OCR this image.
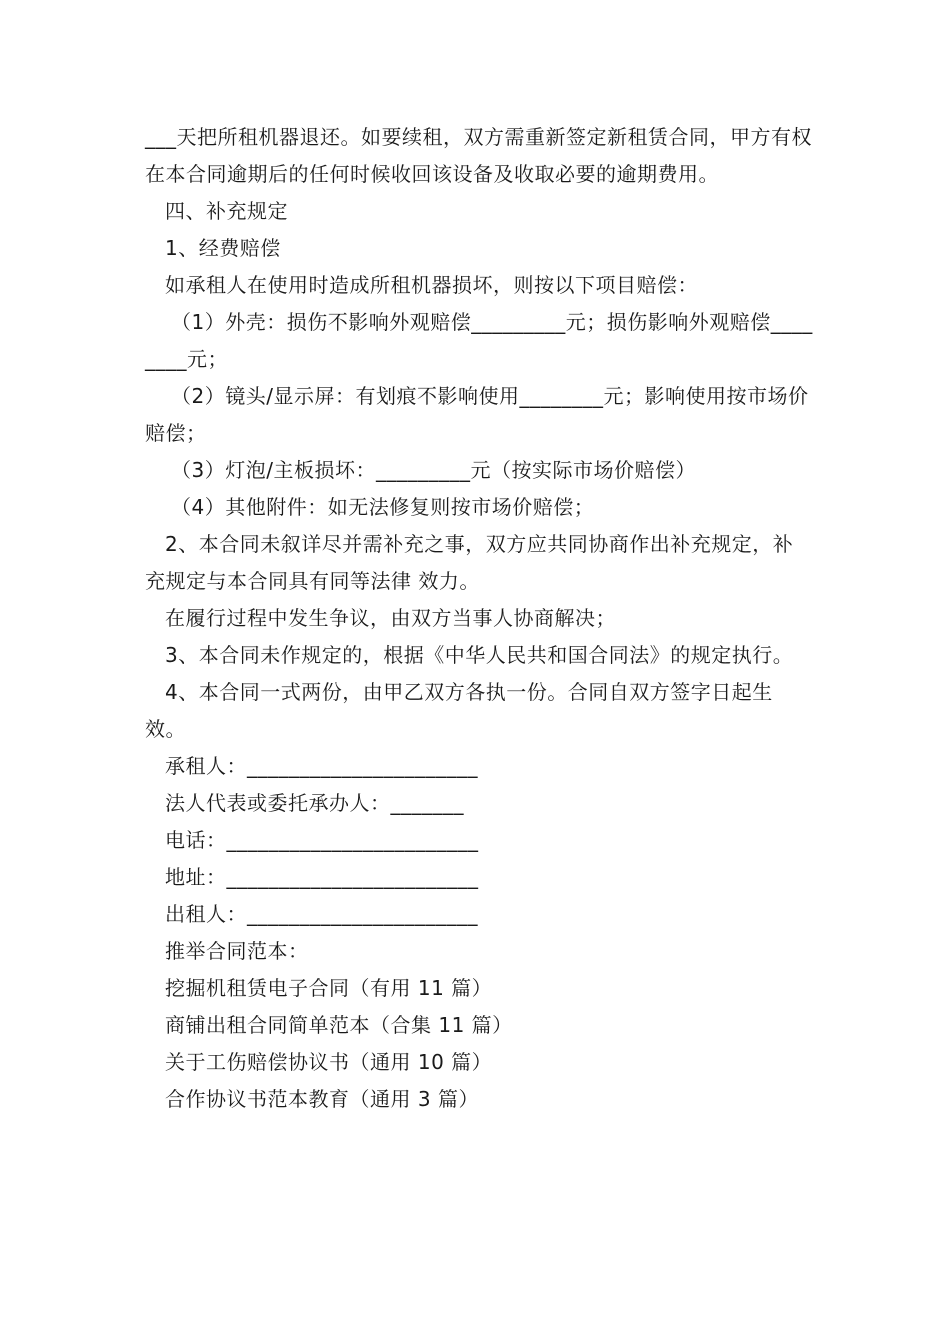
___天把所租机器退还。如要续租，双方需重新签定新租赁合同，甲方有权在本合同逾期后的任何时候收回该设备及收取必要的逾期费用。

四、补充规定

1、经费赔偿

如承租人在使用时造成所租机器损坏，则按以下项目赔偿：

（1）外壳：损伤不影响外观赔偿_________元；损伤影响外观赔偿________元；

（2）镜头/显示屏：有划痕不影响使用________元；影响使用按市场价赔偿；

（3）灯泡/主板损坏：_________元（按实际市场价赔偿）

（4）其他附件：如无法修复则按市场价赔偿；

2、本合同未叙详尽并需补充之事，双方应共同协商作出补充规定，补充规定与本合同具有同等法律 效力。

在履行过程中发生争议，由双方当事人协商解决；

3、本合同未作规定的，根据《中华人民共和国合同法》的规定执行。

4、本合同一式两份，由甲乙双方各执一份。合同自双方签字日起生效。

承租人：______________________

法人代表或委托承办人：_______

电话：________________________

地址：________________________

出租人：______________________

推举合同范本：

挖掘机租赁电子合同（有用 11 篇）

商铺出租合同简单范本（合集 11 篇）

关于工伤赔偿协议书（通用 10 篇）

合作协议书范本教育（通用 3 篇）
